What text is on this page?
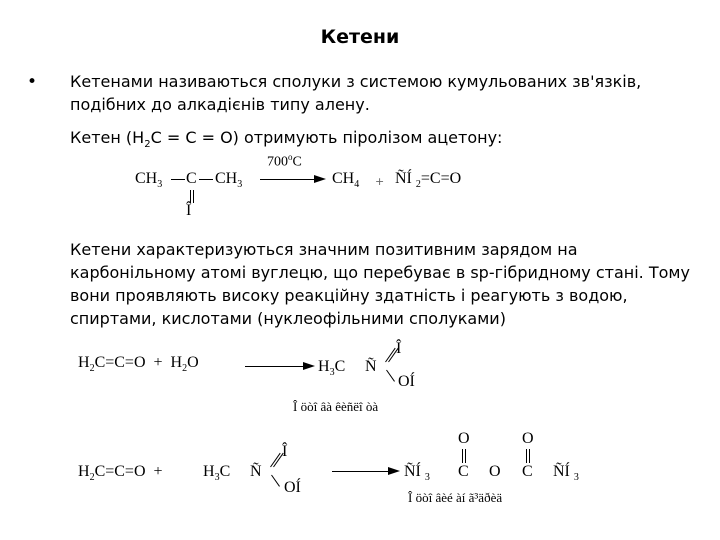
Кетени
• Кетенами називаються сполуки з системою кумульованих зв'язків, подібних до алкадієнів типу алену.
Кетен $(H_2C = C = O)$ отримують піролізом ацетону:
$CH_3$ C $CH_3$
Î
700$^o$C
$CH_4$ + ÑÍ $_2$=C=O
Кетени характеризуються значним позитивним зарядом на карбонільному атомі вуглецю, що перебуває в sp-гібридному стані. Тому вони проявляють високу реакційну здатність і реагують з водою, спиртами, кислотами (нуклеофільними сполуками)
$H_2C=C=O + H_2O$	$H_3C$ Ñ
Î
OÍ
Î öòî âà êèñëî òà
$H_2C=C=O$  +	$H_3C$ Ñ
Î
OÍ
ÑÍ $_3$ C O C ÑÍ $_3$
O	O
Î öòî âèé àí ã³äðèä
